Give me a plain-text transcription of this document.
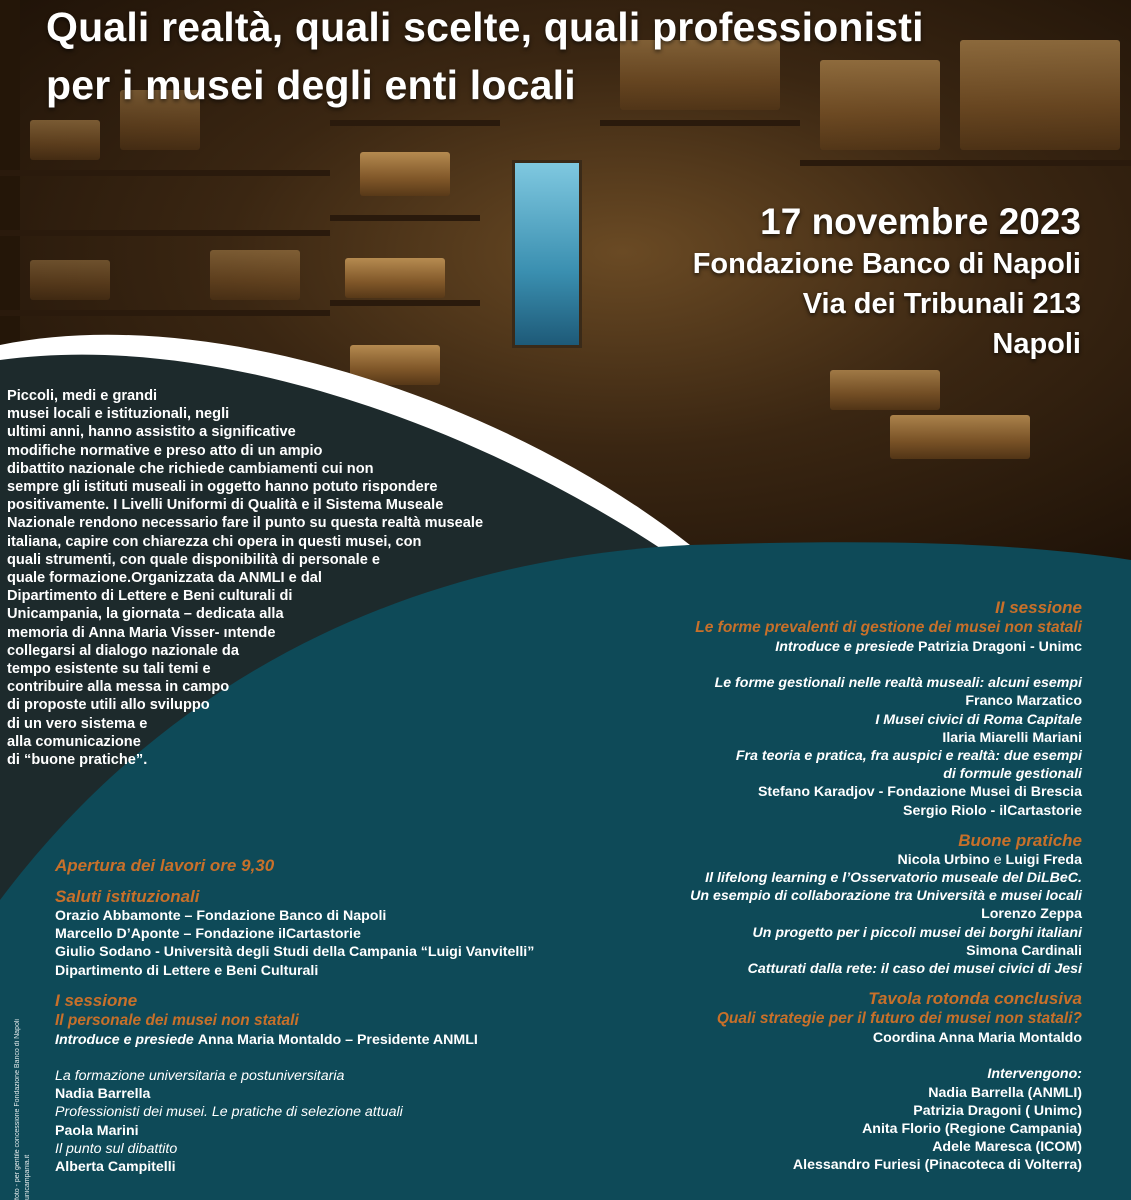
Quali realtà, quali scelte, quali professionisti
per i musei degli enti locali
17 novembre 2023
Fondazione Banco di Napoli
Via dei Tribunali 213
Napoli
Piccoli, medi e grandi
musei locali e istituzionali, negli
ultimi anni, hanno assistito a significative
modifiche normative e preso atto di un ampio
dibattito nazionale che richiede cambiamenti cui non
sempre gli istituti museali in oggetto hanno potuto rispondere
positivamente. I Livelli Uniformi di Qualità e il Sistema Museale
Nazionale rendono necessario fare il punto su questa realtà museale
italiana, capire con chiarezza chi opera in questi musei, con
quali strumenti, con quale disponibilità di personale e
quale formazione.Organizzata da ANMLI e dal
Dipartimento di Lettere e Beni culturali di
Unicampania, la giornata – dedicata alla
memoria di Anna Maria Visser- ıntende
collegarsi al dialogo nazionale da
tempo esistente su tali temi e
contribuire alla messa in campo
di proposte utili allo sviluppo
di un vero sistema e
alla comunicazione
di “buone pratiche”.
Apertura dei lavori ore 9,30
Saluti istituzionali
Orazio Abbamonte – Fondazione Banco di Napoli
Marcello D’Aponte – Fondazione ilCartastorie
Giulio Sodano - Università degli Studi della Campania “Luigi Vanvitelli”
Dipartimento di Lettere e Beni Culturali
I sessione
Il personale dei musei non statali
Introduce e presiede Anna Maria Montaldo – Presidente ANMLI
La formazione universitaria e postuniversitaria
Nadia Barrella
Professionisti dei musei. Le pratiche di selezione attuali
Paola Marini
Il punto sul dibattito
Alberta Campitelli
II sessione
Le forme prevalenti di gestione dei musei non statali
Introduce e presiede Patrizia Dragoni - Unimc
Le forme gestionali nelle realtà museali: alcuni esempi
Franco Marzatico
I Musei civici di Roma Capitale
Ilaria Miarelli Mariani
Fra teoria e pratica, fra auspici e realtà: due esempi
di formule gestionali
Stefano Karadjov - Fondazione Musei di Brescia
Sergio Riolo - ilCartastorie
Buone pratiche
Nicola Urbino e Luigi Freda
Il lifelong learning e l’Osservatorio museale del DiLBeC.
Un esempio di collaborazione tra Università e musei locali
Lorenzo Zeppa
Un progetto per i piccoli musei dei borghi italiani
Simona Cardinali
Catturati dalla rete: il caso dei musei civici di Jesi
Tavola rotonda conclusiva
Quali strategie per il futuro dei musei non statali?
Coordina Anna Maria Montaldo
Intervengono:
Nadia Barrella (ANMLI)
Patrizia Dragoni ( Unimc)
Anita Florio (Regione Campania)
Adele Maresca (ICOM)
Alessandro Furiesi (Pinacoteca di Volterra)
foto - per gentile concessione Fondazione Banco di Napoli unicampania.it
